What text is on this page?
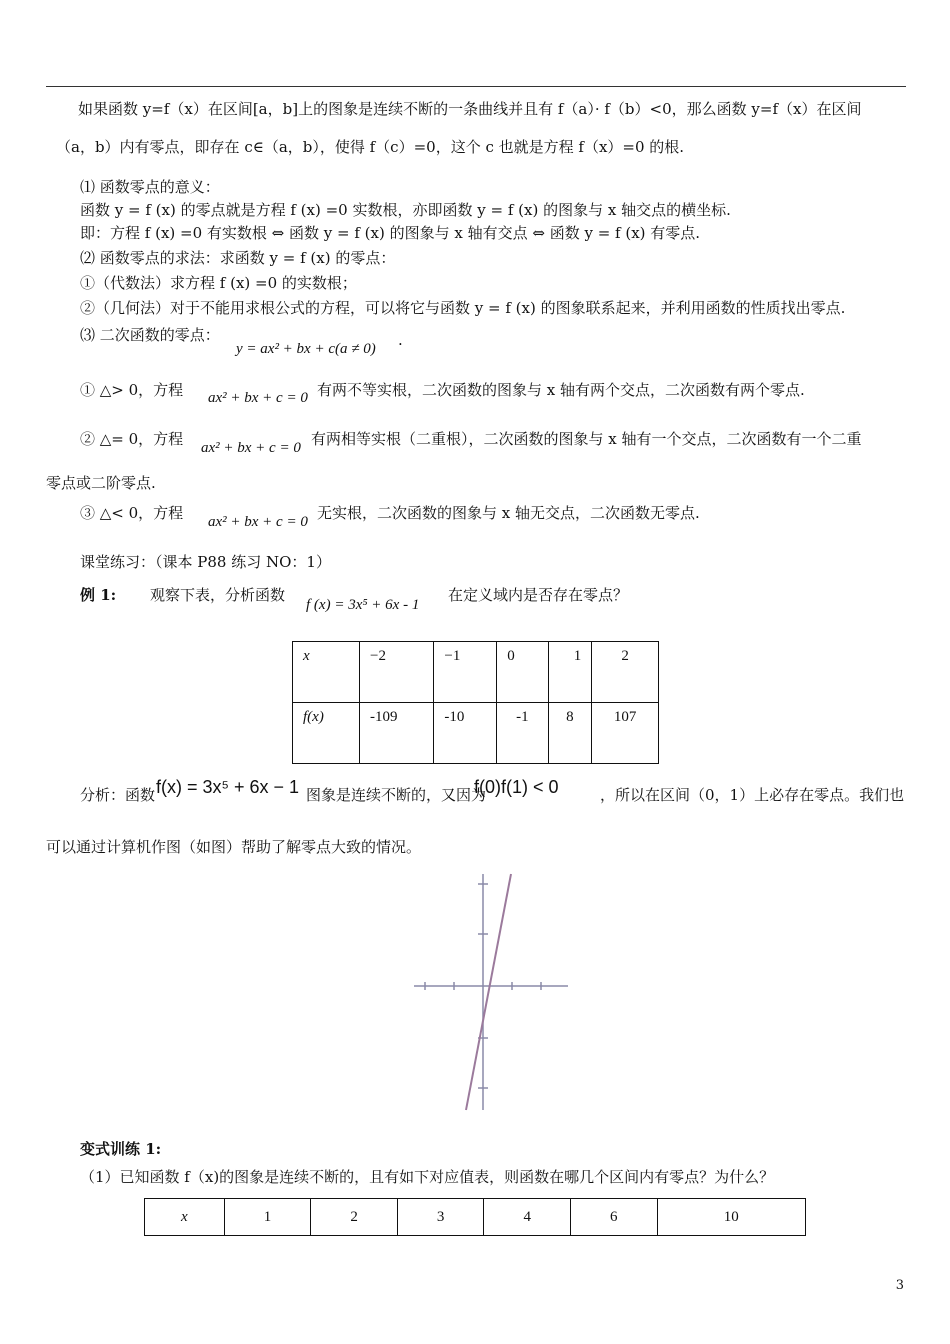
如果函数 y=f（x）在区间[a，b]上的图象是连续不断的一条曲线并且有 f（a）· f（b）<0，那么函数 y=f（x）在区间
（a，b）内有零点，即存在 c∈（a，b），使得 f（c）=0，这个 c 也就是方程 f（x）=0 的根.
⑴ 函数零点的意义：
函数 y = f (x) 的零点就是方程 f (x) =0 实数根，亦即函数 y = f (x) 的图象与 x 轴交点的横坐标.
即：方程 f (x) =0 有实数根 ⇔ 函数 y = f (x) 的图象与 x 轴有交点 ⇔ 函数 y = f (x) 有零点.
⑵ 函数零点的求法：求函数 y = f (x) 的零点：
①（代数法）求方程 f (x) =0 的实数根；
②（几何法）对于不能用求根公式的方程，可以将它与函数 y = f (x) 的图象联系起来，并利用函数的性质找出零点.
⑶ 二次函数的零点：
y = ax² + bx + c(a ≠ 0) .
① △> 0，方程 ax² + bx + c = 0 有两不等实根，二次函数的图象与 x 轴有两个交点，二次函数有两个零点.
② △= 0，方程 ax² + bx + c = 0 有两相等实根（二重根），二次函数的图象与 x 轴有一个交点，二次函数有一个二重
零点或二阶零点.
③ △< 0，方程 ax² + bx + c = 0 无实根，二次函数的图象与 x 轴无交点，二次函数无零点.
课堂练习：（课本 P88 练习 NO：1）
例 1: 观察下表，分析函数
f (x) = 3x⁵ + 6x - 1
在定义域内是否存在零点？
x	−2	−1	0	1	2
f(x)	-109	-10	-1	8	107
分析：函数 f(x) = 3x⁵ + 6x − 1 图象是连续不断的，又因为
f(0)f(1) < 0	，所以在区间（0，1）上必存在零点。我们也
可以通过计算机作图（如图）帮助了解零点大致的情况。
变式训练 1:
（1）已知函数 f（x)的图象是连续不断的，且有如下对应值表，则函数在哪几个区间内有零点？为什么？
x	1	2	3	4	6	10
3
